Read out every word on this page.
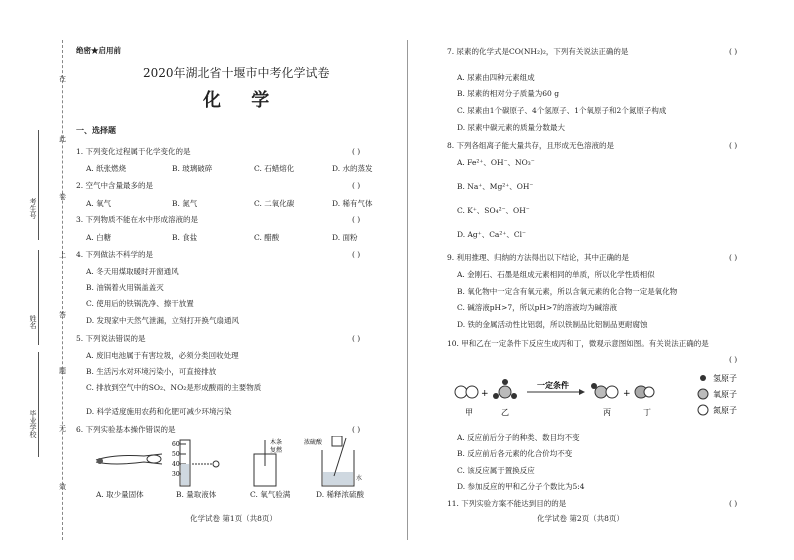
在
此
卷
上
答
题
无
效
考生号
姓名
毕业学校
绝密★启用前
2020年湖北省十堰市中考化学试卷
化 学
一、选择题
1. 下列变化过程属于化学变化的是	( )
A. 纸张燃烧	B. 玻璃破碎	C. 石蜡熔化	D. 水的蒸发
2. 空气中含量最多的是	( )
A. 氧气	B. 氮气	C. 二氧化碳	D. 稀有气体
3. 下列物质不能在水中形成溶液的是	( )
A. 白糖	B. 食盐	C. 醋酸	D. 面粉
4. 下列做法不科学的是	( )
A. 冬天用煤取暖时开窗通风
B. 油锅着火用锅盖盖灭
C. 使用后的铁锅洗净、擦干放置
D. 发现家中天然气泄漏，立刻打开换气扇通风
5. 下列说法错误的是	( )
A. 废旧电池属于有害垃圾，必须分类回收处理
B. 生活污水对环境污染小，可直接排放
C. 排放到空气中的SO₂、NO₂是形成酸雨的主要物质
D. 科学适度施用农药和化肥可减少环境污染
6. 下列实验基本操作错误的是	( )
60
50
40
30
木条
复燃
浓硫酸
水
A. 取少量固体	B. 量取液体	C. 氧气验满	D. 稀释浓硫酸
化学试卷 第1页（共8页）
7. 尿素的化学式是CO(NH₂)₂，下列有关说法正确的是	( )
A. 尿素由四种元素组成
B. 尿素的相对分子质量为60 g
C. 尿素由1个碳原子、4个氢原子、1个氧原子和2个氮原子构成
D. 尿素中碳元素的质量分数最大
8. 下列各组离子能大量共存，且形成无色溶液的是	( )
A. Fe²⁺、OH⁻、NO₃⁻
B. Na⁺、Mg²⁺、OH⁻
C. K⁺、SO₄²⁻、OH⁻
D. Ag⁺、Ca²⁺、Cl⁻
9. 利用推理、归纳的方法得出以下结论，其中正确的是	( )
A. 金刚石、石墨是组成元素相同的单质，所以化学性质相似
B. 氧化物中一定含有氧元素，所以含氧元素的化合物一定是氧化物
C. 碱溶液pH>7，所以pH>7的溶液均为碱溶液
D. 铁的金属活动性比铝弱，所以铁制品比铝制品更耐腐蚀
10. 甲和乙在一定条件下反应生成丙和丁，微观示意图如图。有关说法正确的是
( )
甲
+
乙
一定条件
丙
+
丁
氢原子
氧原子
氮原子
A. 反应前后分子的种类、数目均不变
B. 反应前后各元素的化合价均不变
C. 该反应属于置换反应
D. 参加反应的甲和乙分子个数比为5:4
11. 下列实验方案不能达到目的的是	( )
化学试卷 第2页（共8页）
